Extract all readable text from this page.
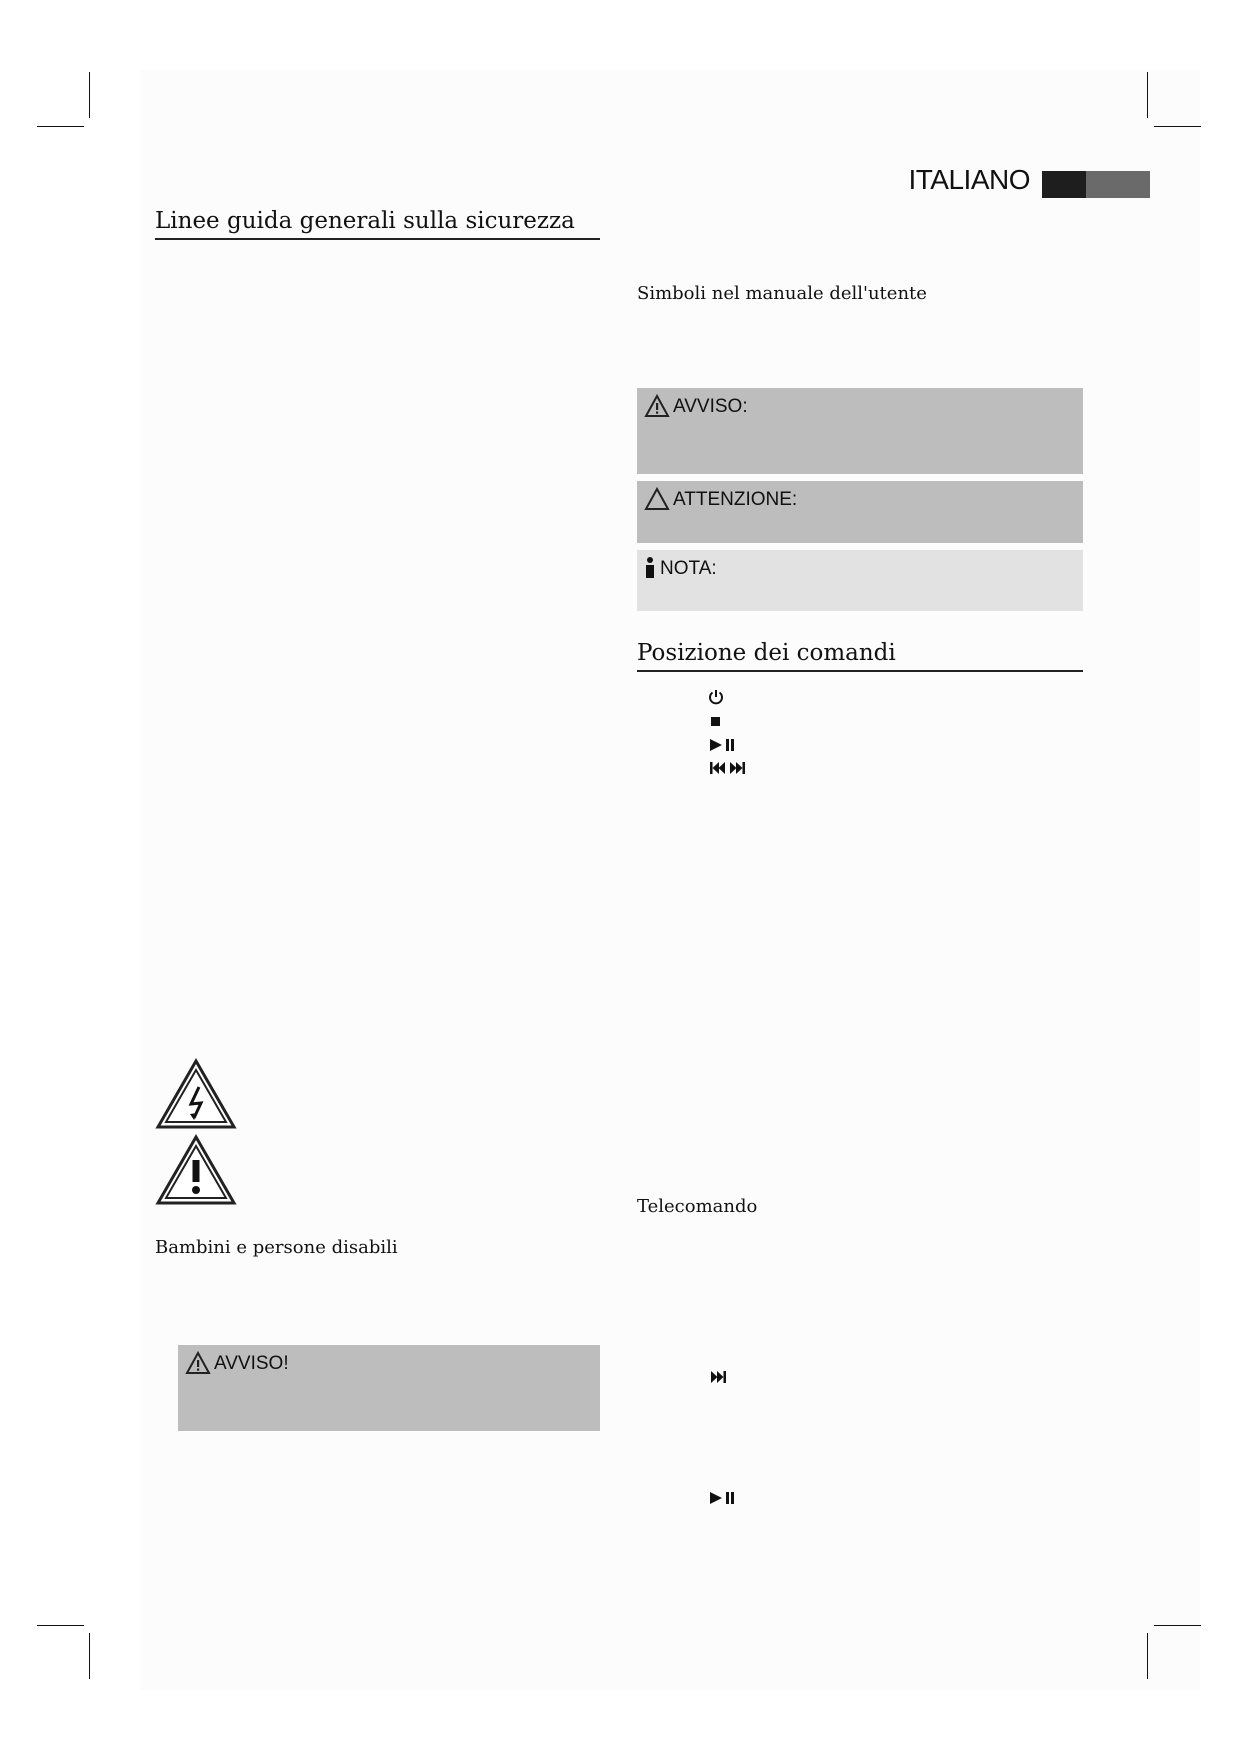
ITALIANO
Linee guida generali sulla sicurezza
Bambini e persone disabili
AVVISO!
Simboli nel manuale dell'utente
AVVISO:
ATTENZIONE:
NOTA:
Posizione dei comandi
Telecomando
